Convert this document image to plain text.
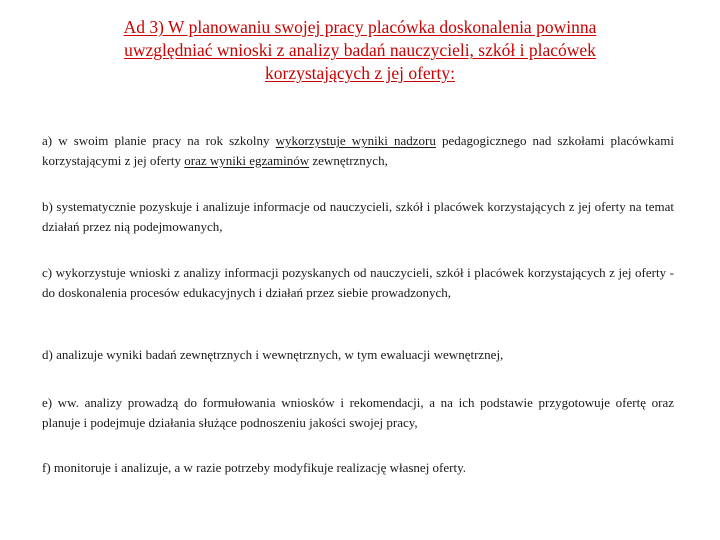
Ad 3) W planowaniu swojej pracy placówka doskonalenia powinna
uwzględniać wnioski z analizy badań nauczycieli, szkół i placówek
korzystających z jej oferty:

a) w swoim planie pracy na rok szkolny wykorzystuje wyniki nadzoru pedagogicznego nad szkołami placówkami korzystającymi z jej oferty oraz wyniki egzaminów zewnętrznych,

b) systematycznie pozyskuje i analizuje informacje od nauczycieli, szkół i placówek korzystających z jej oferty na temat działań przez nią podejmowanych,

c) wykorzystuje wnioski z analizy informacji pozyskanych od nauczycieli, szkół i placówek korzystających z jej oferty - do doskonalenia procesów edukacyjnych i działań przez siebie prowadzonych,

d) analizuje wyniki badań zewnętrznych i wewnętrznych, w tym ewaluacji wewnętrznej,

e) ww. analizy prowadzą do formułowania wniosków i rekomendacji, a na ich podstawie przygotowuje ofertę oraz planuje i podejmuje działania służące podnoszeniu jakości swojej pracy,

f) monitoruje i analizuje, a w razie potrzeby modyfikuje realizację własnej oferty.
